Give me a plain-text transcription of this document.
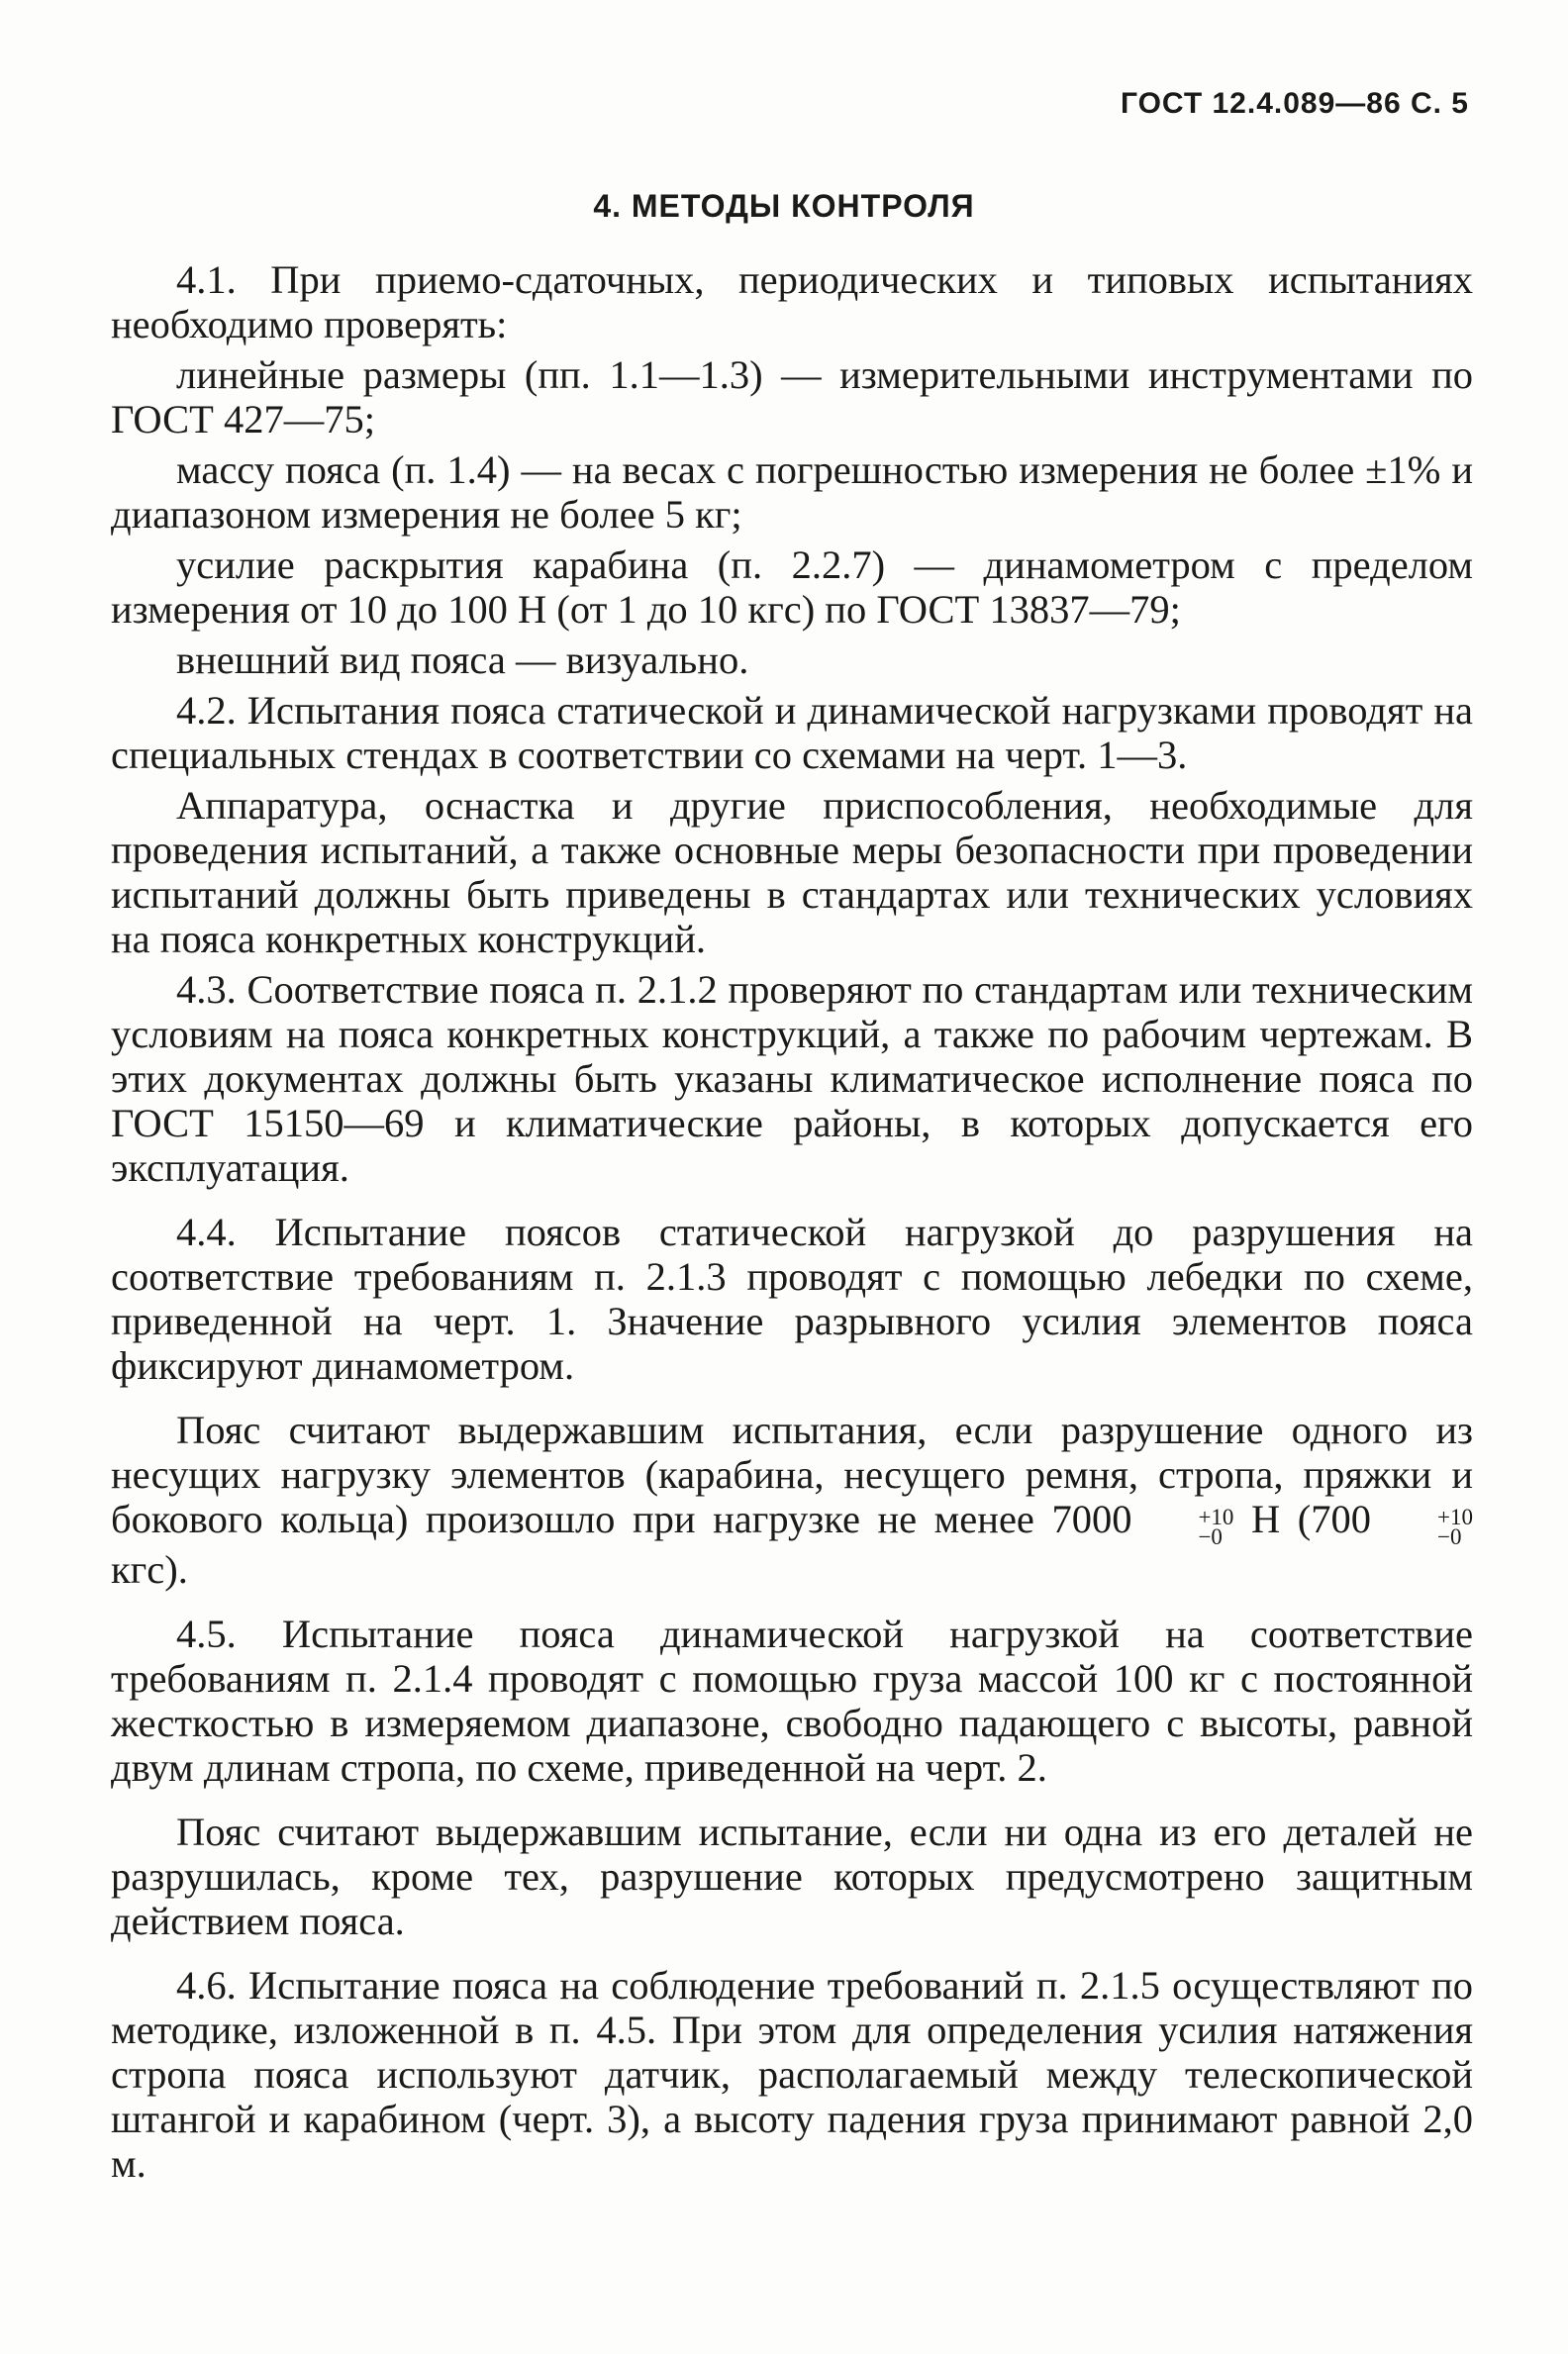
ГОСТ 12.4.089—86 С. 5
4. МЕТОДЫ КОНТРОЛЯ

4.1. При приемо-сдаточных, периодических и типовых испытаниях необходимо проверять:

линейные размеры (пп. 1.1—1.3) — измерительными инструментами по ГОСТ 427—75;

массу пояса (п. 1.4) — на весах с погрешностью измерения не более ±1% и диапазоном измерения не более 5 кг;

усилие раскрытия карабина (п. 2.2.7) — динамометром с пределом измерения от 10 до 100 Н (от 1 до 10 кгс) по ГОСТ 13837—79;

внешний вид пояса — визуально.

4.2. Испытания пояса статической и динамической нагрузками проводят на специальных стендах в соответствии со схемами на черт. 1—3.

Аппаратура, оснастка и другие приспособления, необходимые для проведения испытаний, а также основные меры безопасности при проведении испытаний должны быть приведены в стандартах или технических условиях на пояса конкретных конструкций.

4.3. Соответствие пояса п. 2.1.2 проверяют по стандартам или техническим условиям на пояса конкретных конструкций, а также по рабочим чертежам. В этих документах должны быть указаны климатическое исполнение пояса по ГОСТ 15150—69 и климатические районы, в которых допускается его эксплуатация.

4.4. Испытание поясов статической нагрузкой до разрушения на соответствие требованиям п. 2.1.3 проводят с помощью лебедки по схеме, приведенной на черт. 1. Значение разрывного усилия элементов пояса фиксируют динамометром.

Пояс считают выдержавшим испытания, если разрушение одного из несущих нагрузку элементов (карабина, несущего ремня, стропа, пряжки и бокового кольца) произошло при нагрузке не менее 7000	+10
−0 Н (700	+10
−0
кгс).

4.5. Испытание пояса динамической нагрузкой на соответствие требованиям п. 2.1.4 проводят с помощью груза массой 100 кг с постоянной жесткостью в измеряемом диапазоне, свободно падающего с высоты, равной двум длинам стропа, по схеме, приведенной на черт. 2.

Пояс считают выдержавшим испытание, если ни одна из его деталей не разрушилась, кроме тех, разрушение которых предусмотрено защитным действием пояса.

4.6. Испытание пояса на соблюдение требований п. 2.1.5 осуществляют по методике, изложенной в п. 4.5. При этом для определения усилия натяжения стропа пояса используют датчик, располагаемый между телескопической штангой и карабином (черт. 3), а высоту падения груза принимают равной 2,0 м.
